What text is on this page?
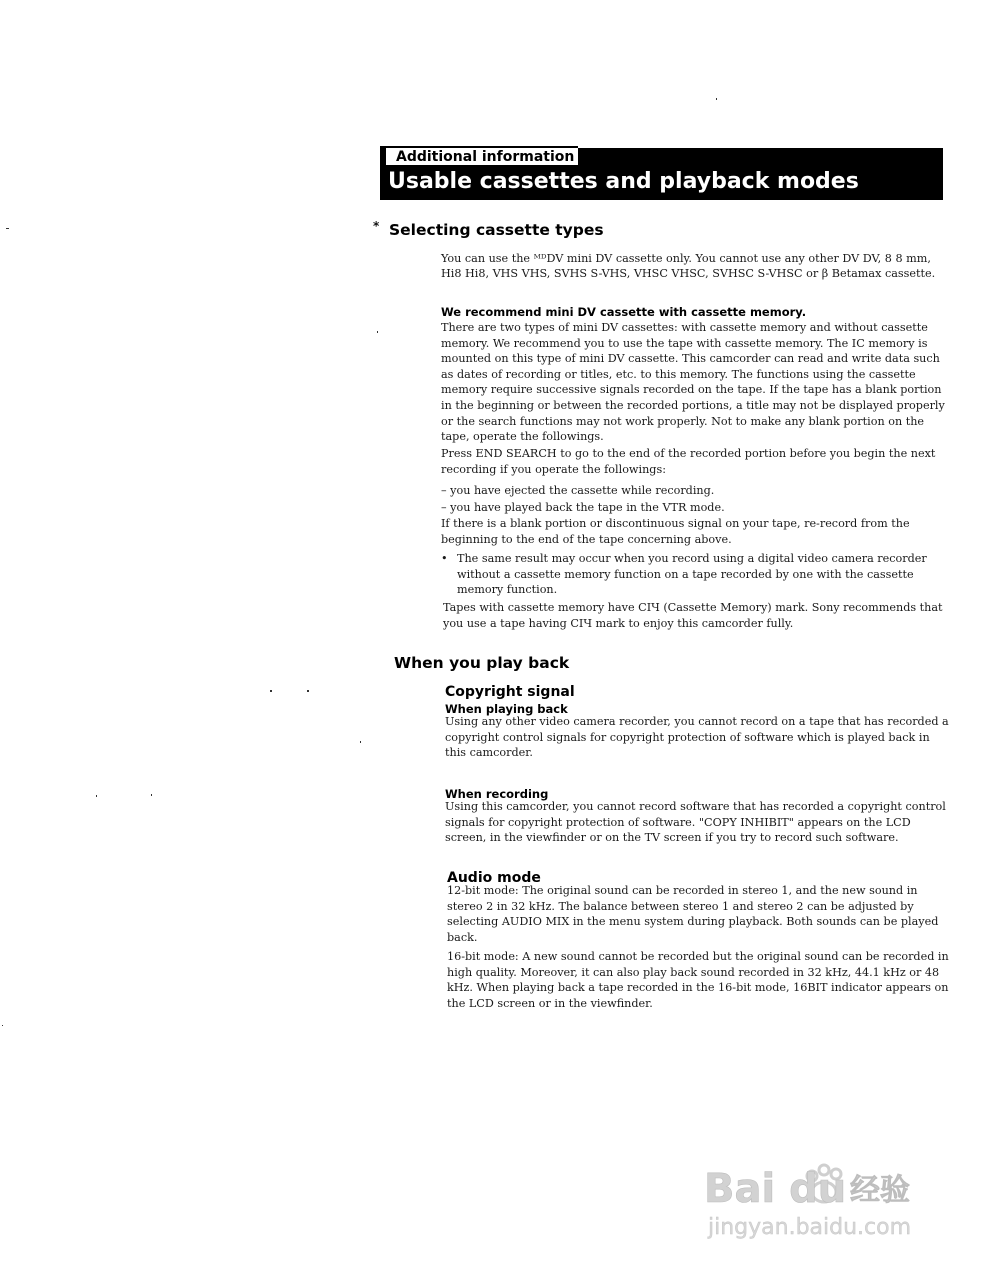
Additional information
Usable cassettes and playback modes
* Selecting cassette types
You can use the ᴹᴰDV mini DV cassette only. You cannot use any other DV DV, 8 8 mm,
Hi8 Hi8, VHS VHS, SVHS S-VHS, VHSC VHSC, SVHSC S-VHSC or β Betamax cassette.
We recommend mini DV cassette with cassette memory.
There are two types of mini DV cassettes: with cassette memory and without cassette memory. We recommend you to use the tape with cassette memory. The IC memory is mounted on this type of mini DV cassette. This camcorder can read and write data such as dates of recording or titles, etc. to this memory. The functions using the cassette memory require successive signals recorded on the tape. If the tape has a blank portion in the beginning or between the recorded portions, a title may not be displayed properly or the search functions may not work properly. Not to make any blank portion on the tape, operate the followings.
Press END SEARCH to go to the end of the recorded portion before you begin the next recording if you operate the followings:
– you have ejected the cassette while recording.
– you have played back the tape in the VTR mode.
If there is a blank portion or discontinuous signal on your tape, re-record from the beginning to the end of the tape concerning above.
• The same result may occur when you record using a digital video camera recorder without a cassette memory function on a tape recorded by one with the cassette memory function.
Tapes with cassette memory have CIЧ (Cassette Memory) mark. Sony recommends that you use a tape having CIЧ mark to enjoy this camcorder fully.
When you play back
Copyright signal
When playing back
Using any other video camera recorder, you cannot record on a tape that has recorded a copyright control signals for copyright protection of software which is played back in this camcorder.
When recording
Using this camcorder, you cannot record software that has recorded a copyright control signals for copyright protection of software. "COPY INHIBIT" appears on the LCD screen, in the viewfinder or on the TV screen if you try to record such software.
Audio mode
12-bit mode: The original sound can be recorded in stereo 1, and the new sound in stereo 2 in 32 kHz. The balance between stereo 1 and stereo 2 can be adjusted by selecting AUDIO MIX in the menu system during playback. Both sounds can be played back.
16-bit mode: A new sound cannot be recorded but the original sound can be recorded in high quality. Moreover, it can also play back sound recorded in 32 kHz, 44.1 kHz or 48 kHz. When playing back a tape recorded in the 16-bit mode, 16BIT indicator appears on the LCD screen or in the viewfinder.
Bai du 经验
jingyan.baidu.com
